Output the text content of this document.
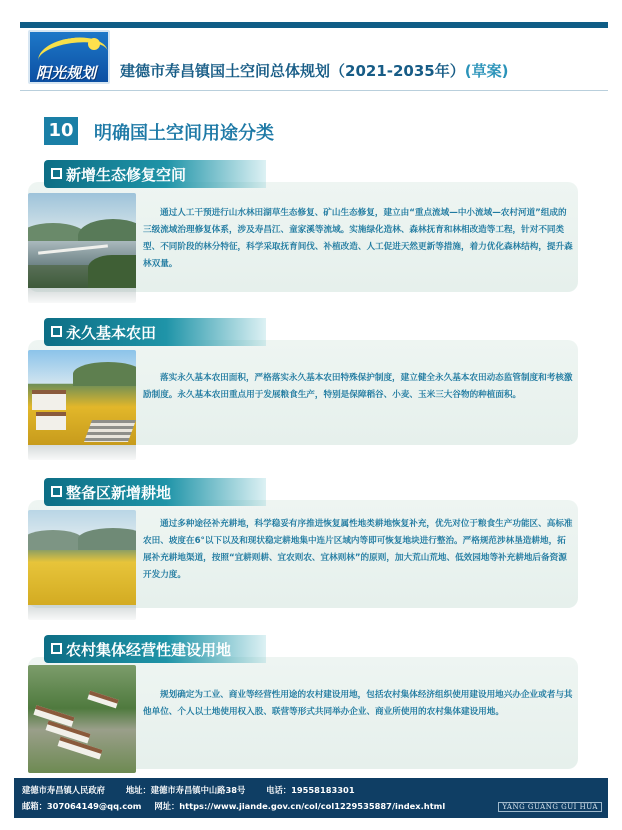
阳光规划	建德市寿昌镇国土空间总体规划（2021-2035年）(草案)
10 明确国土空间用途分类
新增生态修复空间
通过人工干预进行山水林田湖草生态修复、矿山生态修复，建立由“重点流域—中小流域—农村河道”组成的三级流域治理修复体系，涉及寿昌江、童家溪等流域。实施绿化造林、森林抚育和林相改造等工程，针对不同类型、不同阶段的林分特征，科学采取抚育间伐、补植改造、人工促进天然更新等措施，着力优化森林结构，提升森林双量。
永久基本农田
落实永久基本农田面积，严格落实永久基本农田特殊保护制度，建立健全永久基本农田动态监管制度和考核激励制度。永久基本农田重点用于发展粮食生产，特别是保障稻谷、小麦、玉米三大谷物的种植面积。
整备区新增耕地
通过多种途径补充耕地，科学稳妥有序推进恢复属性地类耕地恢复补充，优先对位于粮食生产功能区、高标准农田、坡度在6°以下以及和现状稳定耕地集中连片区域内等即可恢复地块进行整治。严格规范涉林垦造耕地，拓展补充耕地渠道，按照“宜耕则耕、宜农则农、宜林则林”的原则，加大荒山荒地、低效园地等补充耕地后备资源开发力度。
农村集体经营性建设用地
规划确定为工业、商业等经营性用途的农村建设用地，包括农村集体经济组织使用建设用地兴办企业或者与其他单位、个人以土地使用权入股、联营等形式共同举办企业、商业所使用的农村集体建设用地。
建德市寿昌镇人民政府	地址：建德市寿昌镇中山路38号	电话：19558183301
邮箱：307064149@qq.com 网址：https://www.jiande.gov.cn/col/col1229535887/index.html	YANG GUANG GUI HUA
